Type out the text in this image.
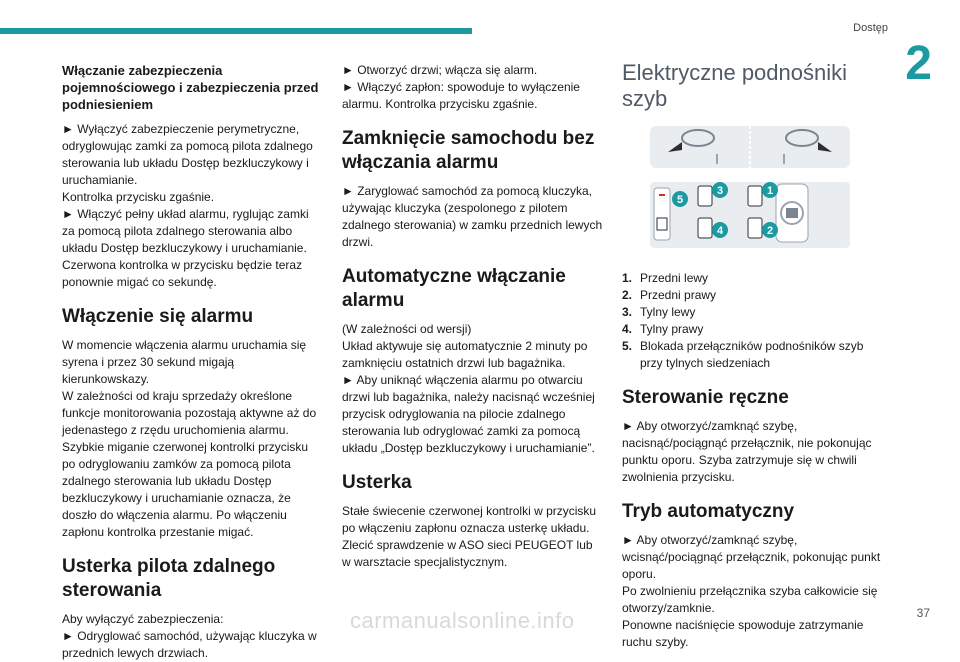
Dostęp
2
Włączanie zabezpieczenia pojemnościowego i zabezpieczenia przed podniesieniem

► Wyłączyć zabezpieczenie perymetryczne, odryglowując zamki za pomocą pilota zdalnego sterowania lub układu Dostęp bezkluczykowy i uruchamianie.

Kontrolka przycisku zgaśnie.

► Włączyć pełny układ alarmu, ryglując zamki za pomocą pilota zdalnego sterowania albo układu Dostęp bezkluczykowy i uruchamianie.

Czerwona kontrolka w przycisku będzie teraz ponownie migać co sekundę.

Włączenie się alarmu

W momencie włączenia alarmu uruchamia się syrena i przez 30 sekund migają kierunkowskazy.

W zależności od kraju sprzedaży określone funkcje monitorowania pozostają aktywne aż do jedenastego z rzędu uruchomienia alarmu.

Szybkie miganie czerwonej kontrolki przycisku po odryglowaniu zamków za pomocą pilota zdalnego sterowania lub układu Dostęp bezkluczykowy i uruchamianie oznacza, że doszło do włączenia alarmu. Po włączeniu zapłonu kontrolka przestanie migać.

Usterka pilota zdalnego sterowania

Aby wyłączyć zabezpieczenia:

► Odryglować samochód, używając kluczyka w przednich lewych drzwiach.

► Otworzyć drzwi; włącza się alarm.

► Włączyć zapłon: spowoduje to wyłączenie alarmu. Kontrolka przycisku zgaśnie.

Zamknięcie samochodu bez włączania alarmu

► Zaryglować samochód za pomocą kluczyka, używając kluczyka (zespolonego z pilotem zdalnego sterowania) w zamku przednich lewych drzwi.

Automatyczne włączanie alarmu

(W zależności od wersji)

Układ aktywuje się automatycznie 2 minuty po zamknięciu ostatnich drzwi lub bagażnika.

► Aby uniknąć włączenia alarmu po otwarciu drzwi lub bagażnika, należy nacisnąć wcześniej przycisk odryglowania na pilocie zdalnego sterowania lub odryglować zamki za pomocą układu „Dostęp bezkluczykowy i uruchamianie”.

Usterka

Stałe świecenie czerwonej kontrolki w przycisku po włączeniu zapłonu oznacza usterkę układu.

Zlecić sprawdzenie w ASO sieci PEUGEOT lub w warsztacie specjalistycznym.

Elektryczne podnośniki szyb
5
3
4
1
2
1. Przedni lewy
2. Przedni prawy
3. Tylny lewy
4. Tylny prawy
5. Blokada przełączników podnośników szyb przy tylnych siedzeniach
Sterowanie ręczne

► Aby otworzyć/zamknąć szybę, nacisnąć/pociągnąć przełącznik, nie pokonując punktu oporu. Szyba zatrzymuje się w chwili zwolnienia przycisku.

Tryb automatyczny

► Aby otworzyć/zamknąć szybę, wcisnąć/pociągnąć przełącznik, pokonując punkt oporu.

Po zwolnieniu przełącznika szyba całkowicie się otworzy/zamknie.

Ponowne naciśnięcie spowoduje zatrzymanie ruchu szyby.

carmanualsonline.info	37
